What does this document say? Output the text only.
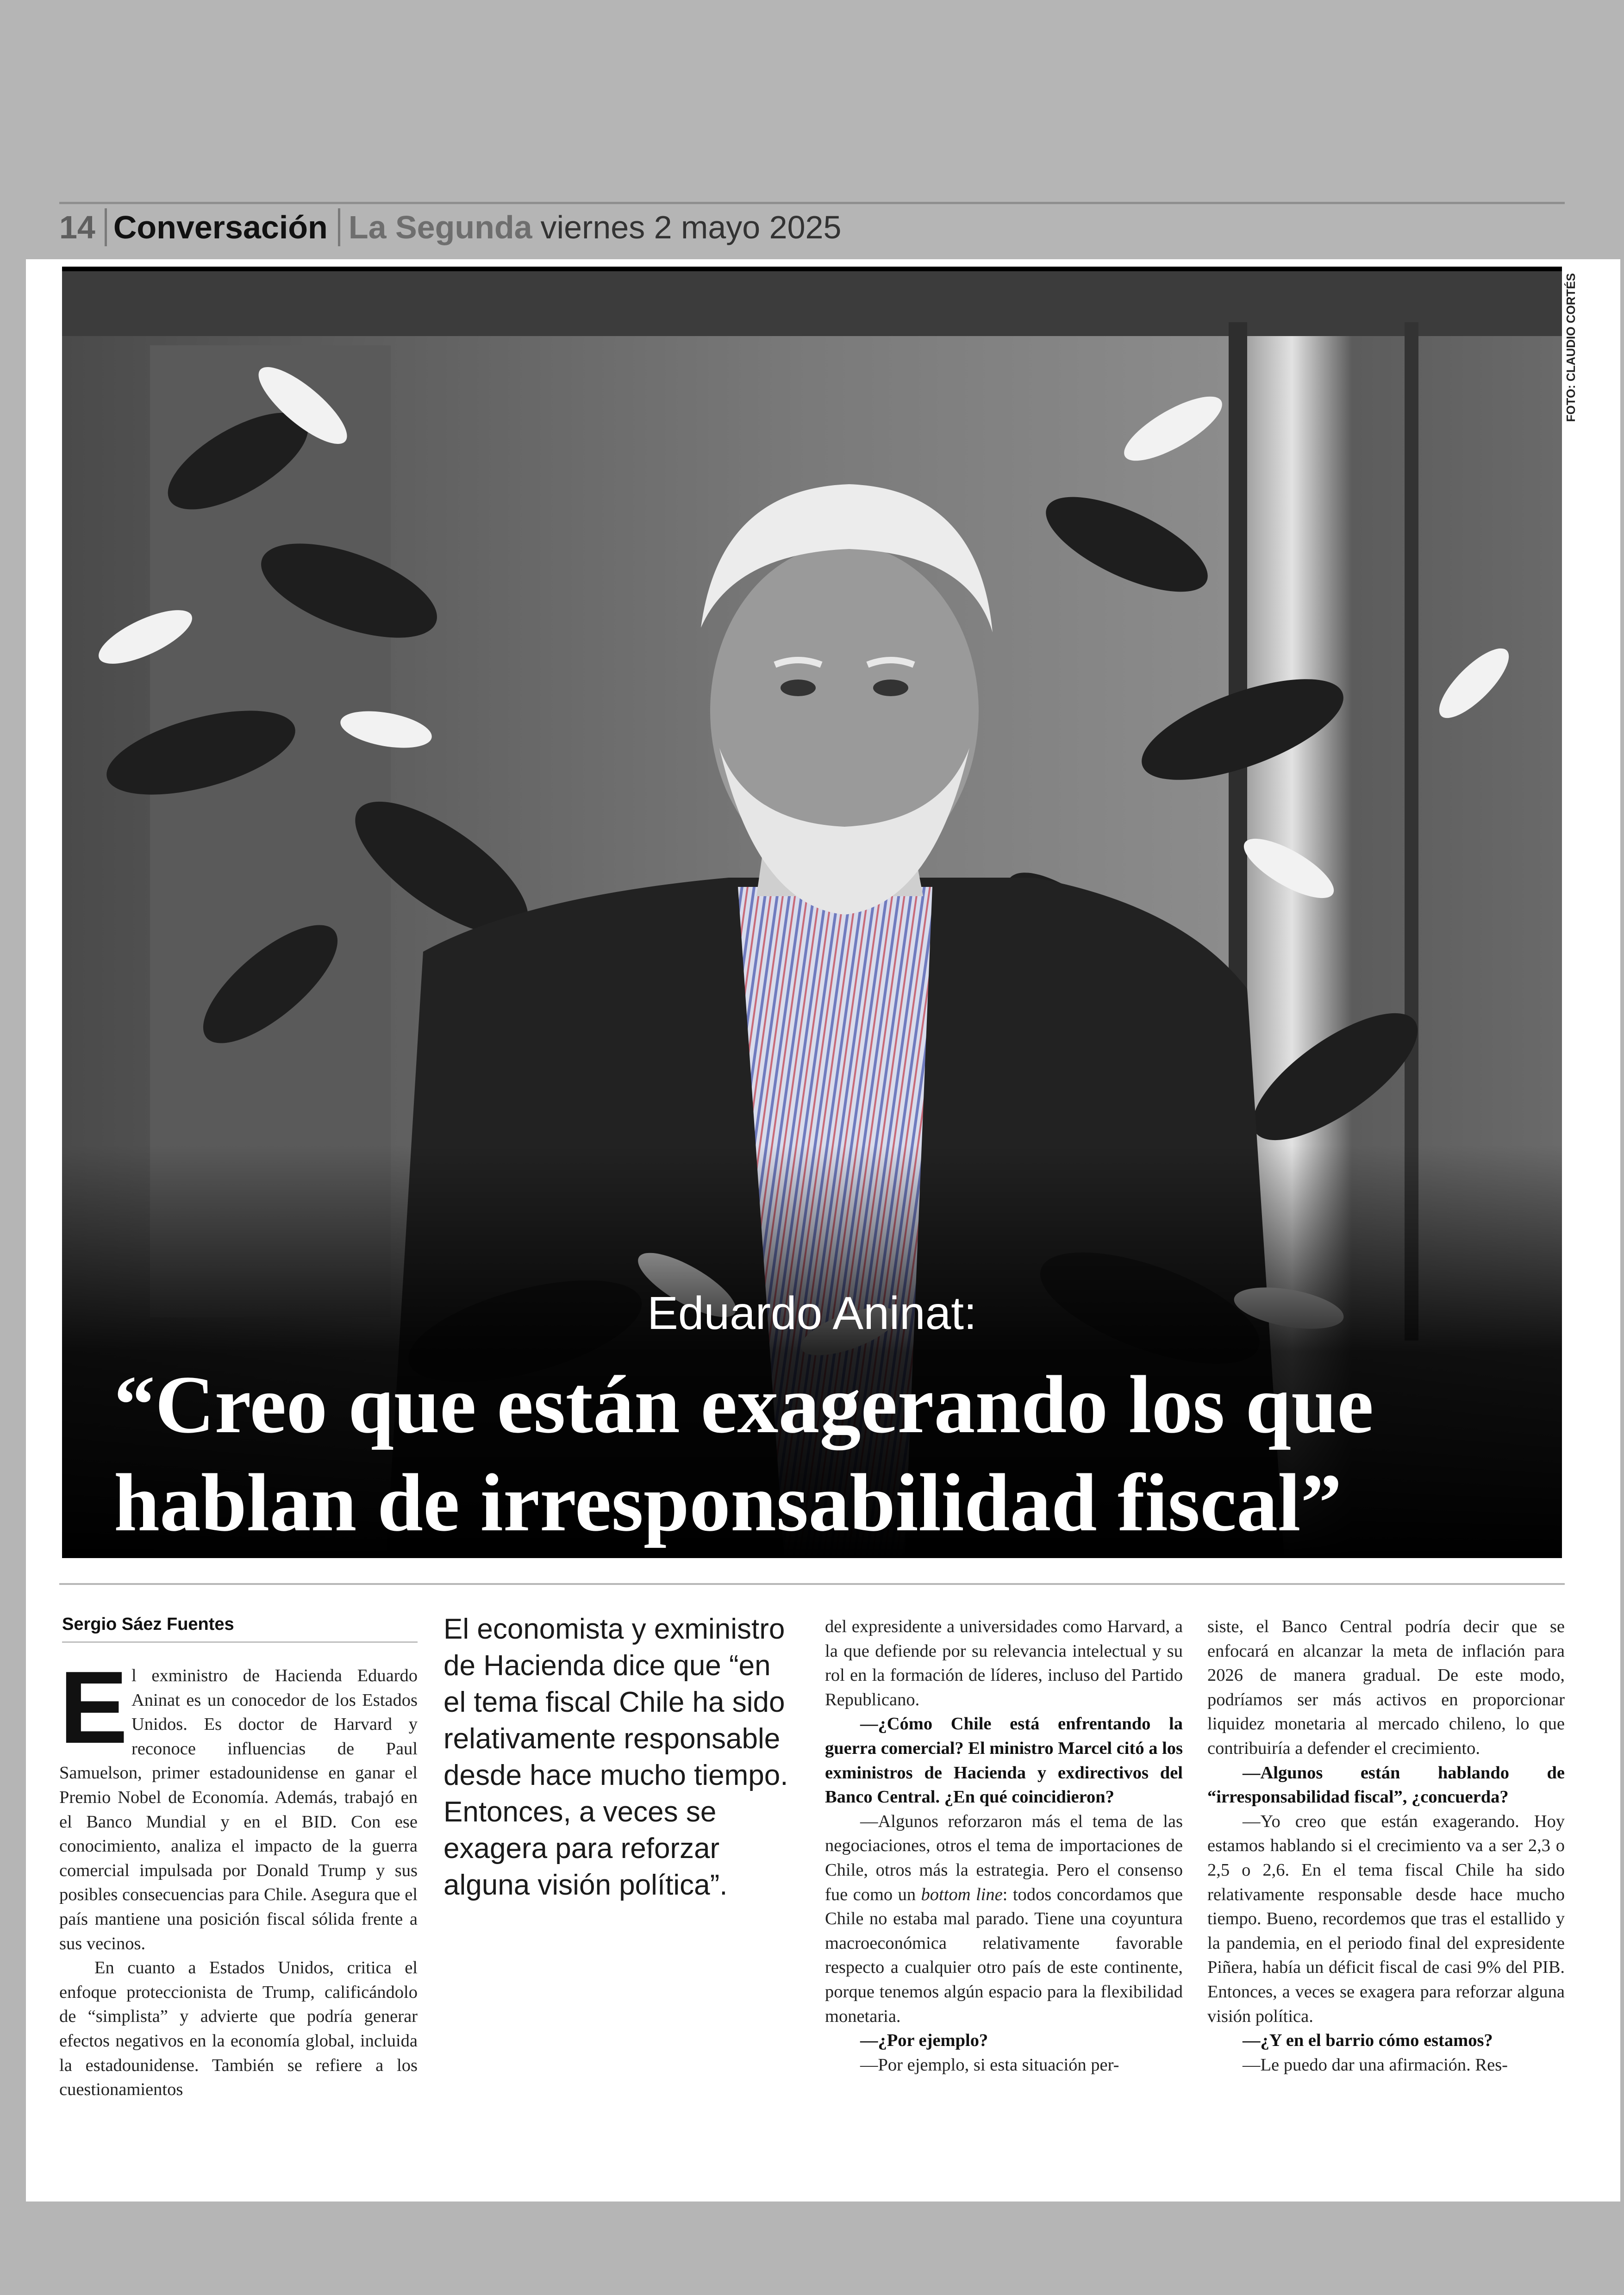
14 Conversación La Segunda viernes 2 mayo 2025
FOTO: CLAUDIO CORTÉS
Eduardo Aninat:
“Creo que están exagerando los que
hablan de irresponsabilidad fiscal”
Sergio Sáez Fuentes
E l exministro de Hacienda Eduardo Aninat es un conocedor de los Estados Unidos. Es doctor de Harvard y reconoce influencias de Paul Samuelson, primer estadounidense en ganar el Premio Nobel de Economía. Además, trabajó en el Banco Mundial y en el BID. Con ese conocimiento, analiza el impacto de la guerra comercial impulsada por Donald Trump y sus posibles consecuencias para Chile. Asegura que el país mantiene una posición fiscal sólida frente a sus vecinos.

En cuanto a Estados Unidos, critica el enfoque proteccionista de Trump, calificándolo de “simplista” y advierte que podría generar efectos negativos en la economía global, incluida la estadounidense. También se refiere a los cuestionamientos

El economista y exministro de Hacienda dice que “en el tema fiscal Chile ha sido relativamente responsable desde hace mucho tiempo. Entonces, a veces se exagera para reforzar alguna visión política”.

del expresidente a universidades como Harvard, a la que defiende por su relevancia intelectual y su rol en la formación de líderes, incluso del Partido Republicano.

—¿Cómo Chile está enfrentando la guerra comercial? El ministro Marcel citó a los exministros de Hacienda y exdirectivos del Banco Central. ¿En qué coincidieron?

—Algunos reforzaron más el tema de las negociaciones, otros el tema de importaciones de Chile, otros más la estrategia. Pero el consenso fue como un bottom line: todos concordamos que Chile no estaba mal parado. Tiene una coyuntura macroeconómica relativamente favorable respecto a cualquier otro país de este continente, porque tenemos algún espacio para la flexibilidad monetaria.

—¿Por ejemplo?

—Por ejemplo, si esta situación per-

siste, el Banco Central podría decir que se enfocará en alcanzar la meta de inflación para 2026 de manera gradual. De este modo, podríamos ser más activos en proporcionar liquidez monetaria al mercado chileno, lo que contribuiría a defender el crecimiento.

—Algunos están hablando de “irresponsabilidad fiscal”, ¿concuerda?

—Yo creo que están exagerando. Hoy estamos hablando si el crecimiento va a ser 2,3 o 2,5 o 2,6. En el tema fiscal Chile ha sido relativamente responsable desde hace mucho tiempo. Bueno, recordemos que tras el estallido y la pandemia, en el periodo final del expresidente Piñera, había un déficit fiscal de casi 9% del PIB. Entonces, a veces se exagera para reforzar alguna visión política.

—¿Y en el barrio cómo estamos?

—Le puedo dar una afirmación. Res-
